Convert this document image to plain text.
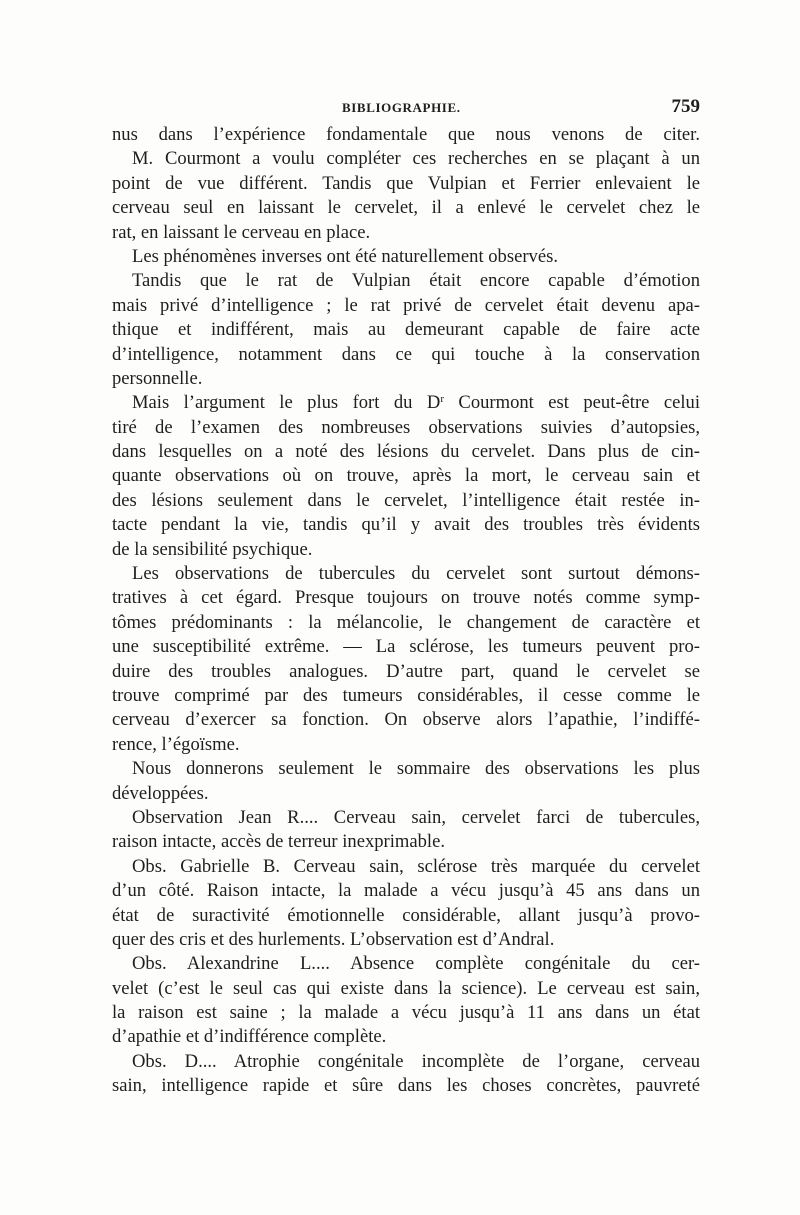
BIBLIOGRAPHIE.	759
nus dans l’expérience fondamentale que nous venons de citer.
M. Courmont a voulu compléter ces recherches en se plaçant à un
point de vue différent. Tandis que Vulpian et Ferrier enlevaient le
cerveau seul en laissant le cervelet, il a enlevé le cervelet chez le
rat, en laissant le cerveau en place.
Les phénomènes inverses ont été naturellement observés.
Tandis que le rat de Vulpian était encore capable d’émotion
mais privé d’intelligence ; le rat privé de cervelet était devenu apa-
thique et indifférent, mais au demeurant capable de faire acte
d’intelligence, notamment dans ce qui touche à la conservation
personnelle.
Mais l’argument le plus fort du $D^r$ Courmont est peut-être celui
tiré de l’examen des nombreuses observations suivies d’autopsies,
dans lesquelles on a noté des lésions du cervelet. Dans plus de cin-
quante observations où on trouve, après la mort, le cerveau sain et
des lésions seulement dans le cervelet, l’intelligence était restée in-
tacte pendant la vie, tandis qu’il y avait des troubles très évidents
de la sensibilité psychique.
Les observations de tubercules du cervelet sont surtout démons-
tratives à cet égard. Presque toujours on trouve notés comme symp-
tômes prédominants : la mélancolie, le changement de caractère et
une susceptibilité extrême. — La sclérose, les tumeurs peuvent pro-
duire des troubles analogues. D’autre part, quand le cervelet se
trouve comprimé par des tumeurs considérables, il cesse comme le
cerveau d’exercer sa fonction. On observe alors l’apathie, l’indiffé-
rence, l’égoïsme.
Nous donnerons seulement le sommaire des observations les plus
développées.
Observation Jean R.... Cerveau sain, cervelet farci de tubercules,
raison intacte, accès de terreur inexprimable.
Obs. Gabrielle B. Cerveau sain, sclérose très marquée du cervelet
d’un côté. Raison intacte, la malade a vécu jusqu’à 45 ans dans un
état de suractivité émotionnelle considérable, allant jusqu’à provo-
quer des cris et des hurlements. L’observation est d’Andral.
Obs. Alexandrine L.... Absence complète congénitale du cer-
velet (c’est le seul cas qui existe dans la science). Le cerveau est sain,
la raison est saine ; la malade a vécu jusqu’à 11 ans dans un état
d’apathie et d’indifférence complète.
Obs. D.... Atrophie congénitale incomplète de l’organe, cerveau
sain, intelligence rapide et sûre dans les choses concrètes, pauvreté
